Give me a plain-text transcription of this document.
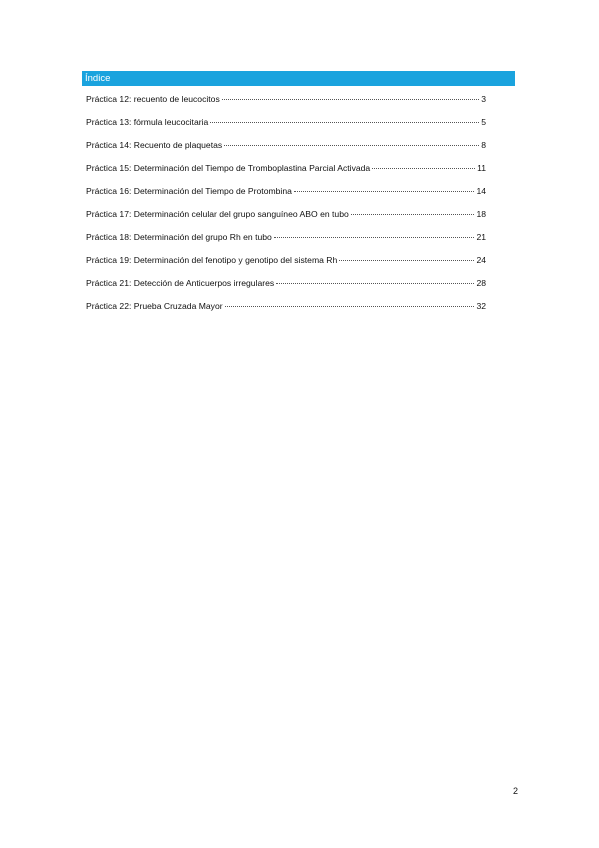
Índice
Práctica 12: recuento de leucocitos	3
Práctica 13: fórmula leucocitaria	5
Práctica 14: Recuento de plaquetas	8
Práctica 15: Determinación del Tiempo de Tromboplastina Parcial Activada	11
Práctica 16: Determinación del Tiempo de Protombina	14
Práctica 17: Determinación celular del grupo sanguíneo ABO en tubo	18
Práctica 18: Determinación del grupo Rh en tubo	21
Práctica 19: Determinación del fenotipo y genotipo del sistema Rh	24
Práctica 21: Detección de Anticuerpos irregulares	28
Práctica 22: Prueba Cruzada Mayor	32
2
